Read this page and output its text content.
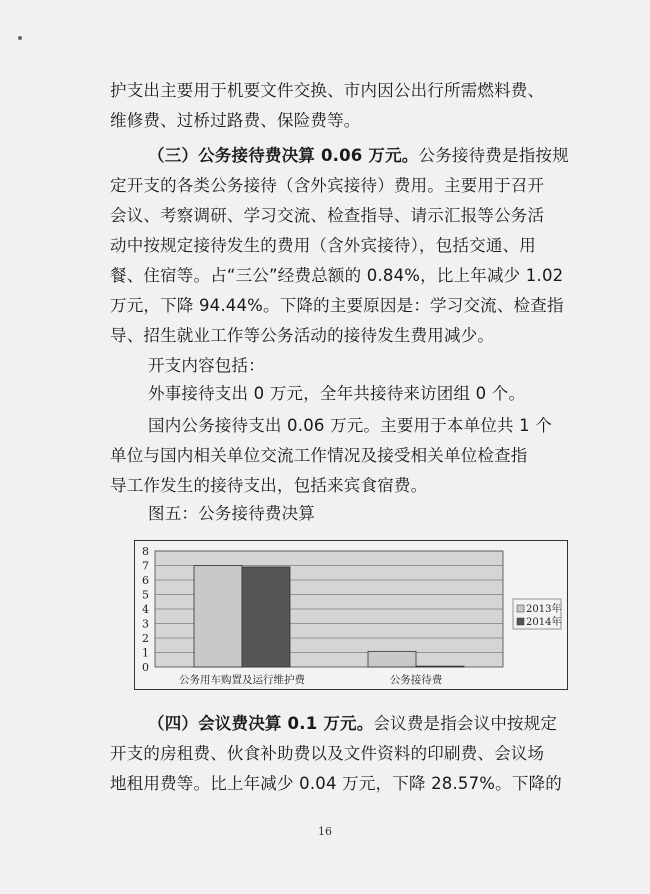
护支出主要用于机要文件交换、市内因公出行所需燃料费、
维修费、过桥过路费、保险费等。
（三）公务接待费决算 0.06 万元。公务接待费是指按规
定开支的各类公务接待（含外宾接待）费用。主要用于召开
会议、考察调研、学习交流、检查指导、请示汇报等公务活
动中按规定接待发生的费用（含外宾接待），包括交通、用
餐、住宿等。占“三公”经费总额的 0.84%，比上年减少 1.02
万元，下降 94.44%。下降的主要原因是：学习交流、检查指
导、招生就业工作等公务活动的接待发生费用减少。
开支内容包括：
外事接待支出 0 万元，全年共接待来访团组 0 个。
国内公务接待支出 0.06 万元。主要用于本单位共 1 个
单位与国内相关单位交流工作情况及接受相关单位检查指
导工作发生的接待支出，包括来宾食宿费。
图五：公务接待费决算
0
1
2
3
4
5
6
7
8
公务用车购置及运行维护费	公务接待费
2013年
2014年
（四）会议费决算 0.1 万元。会议费是指会议中按规定
开支的房租费、伙食补助费以及文件资料的印刷费、会议场
地租用费等。比上年减少 0.04 万元，下降 28.57%。下降的
16
